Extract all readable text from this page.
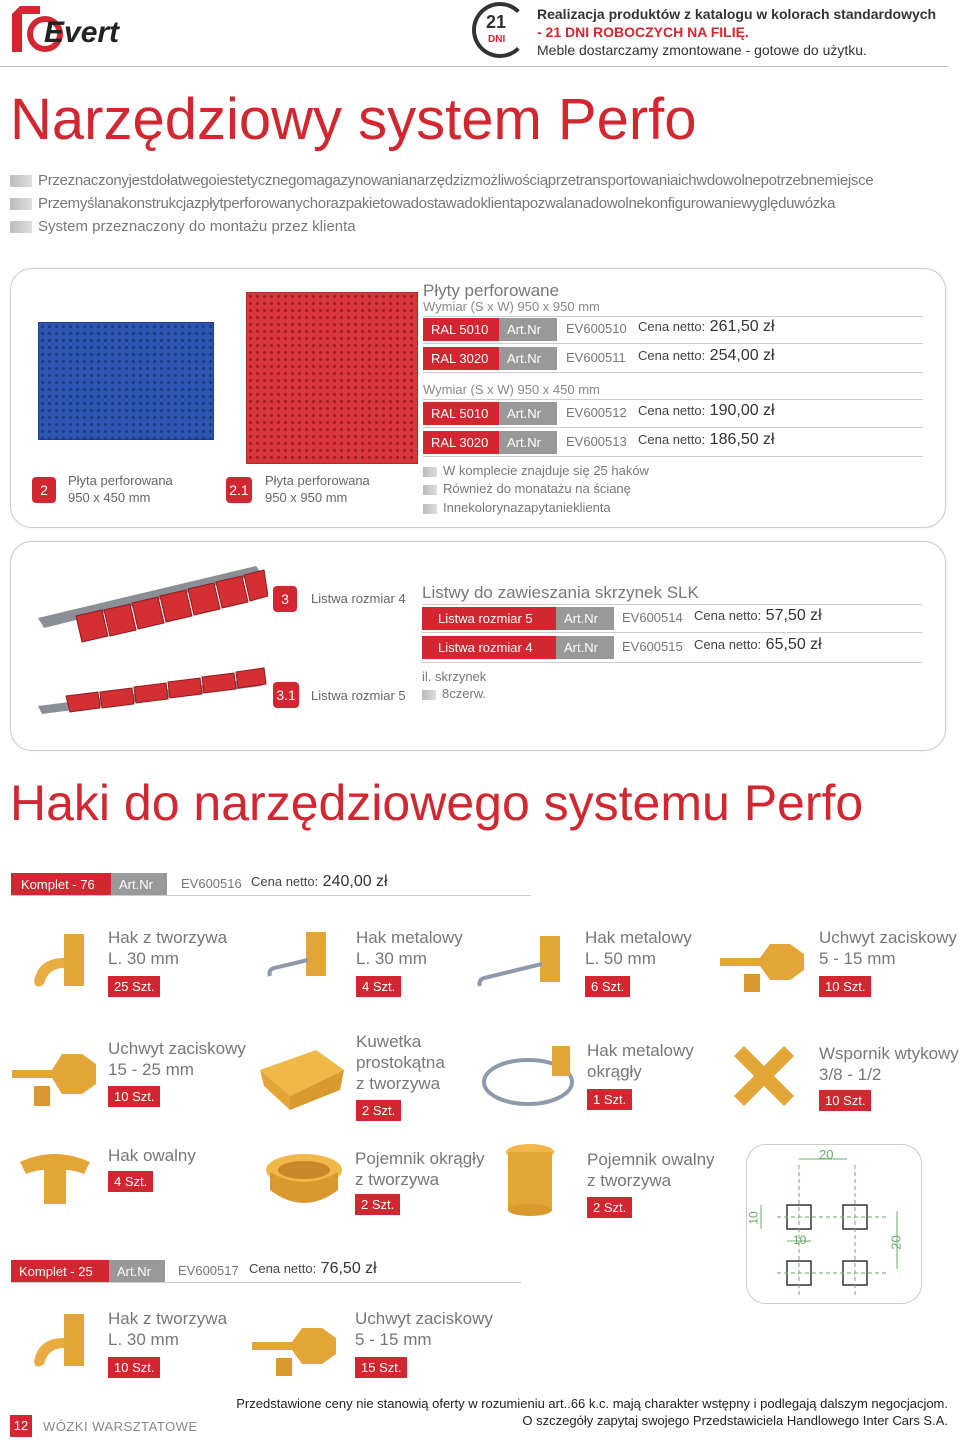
Evert	21
DNI
Realizacja produktów z katalogu w kolorach standardowych
- 21 DNI ROBOCZYCH NA FILIĘ.
Meble dostarczamy zmontowane - gotowe do użytku.
Narzędziowy system Perfo
Przeznaczonyjestdołatwegoiestetycznegomagazynowanianarzędzizmożliwościąprzetransportowaniaichwdowolnepotrzebnemiejsce
Przemyślanakonstrukcjazpłytperforowanychorazpakietowadostawadoklientapozwalanadowolnekonfigurowaniewyględuwózka
System przeznaczony do montażu przez klienta
2
Płyta perforowana
950 x 450 mm	2.1
Płyta perforowana
950 x 950 mm
Płyty perforowane
Wymiar (S x W) 950 x 950 mm
RAL 5010	Art.Nr	EV600510 Cena netto: 261,50 zł
RAL 3020	Art.Nr	EV600511 Cena netto: 254,00 zł
Wymiar (S x W) 950 x 450 mm
RAL 5010	Art.Nr	EV600512 Cena netto: 190,00 zł
RAL 3020	Art.Nr	EV600513 Cena netto: 186,50 zł
W komplecie znajduje się 25 haków
Również do monatażu na ścianę
Innekolorynazapytanieklienta
3	Listwa rozmiar 4
3.1 Listwa rozmiar 5
Listwy do zawieszania skrzynek SLK
Listwa rozmiar 5	Art.Nr	EV600514 Cena netto: 57,50 zł
Listwa rozmiar 4	Art.Nr	EV600515 Cena netto: 65,50 zł
il. skrzynek
8czerw.
Haki do narzędziowego systemu Perfo
Komplet - 76	Art.Nr	EV600516 Cena netto: 240,00 zł
Hak z tworzywa
L. 30 mm
25 Szt.
Hak metalowy
L. 30 mm
4 Szt.
Hak metalowy
L. 50 mm
6 Szt.
Uchwyt zaciskowy
5 - 15 mm
10 Szt.
Uchwyt zaciskowy
15 - 25 mm
10 Szt.
Kuwetka
prostokątna
z tworzywa
2 Szt.
Hak metalowy
okrągły
1 Szt.
Wspornik wtykowy
3/8 - 1/2
10 Szt.
Hak owalny
4 Szt.
Pojemnik okrągły
z tworzywa
2 Szt.
Pojemnik owalny
z tworzywa
2 Szt.
20
10
10	20
Komplet - 25	Art.Nr	EV600517 Cena netto: 76,50 zł
Hak z tworzywa
L. 30 mm
10 Szt.
Uchwyt zaciskowy
5 - 15 mm
15 Szt.
12 WÓZKI WARSZTATOWE
Przedstawione ceny nie stanowią oferty w rozumieniu art..66 k.c. mają charakter wstępny i podlegają dalszym negocjacjom.
O szczegóły zapytaj swojego Przedstawiciela Handlowego Inter Cars S.A.
